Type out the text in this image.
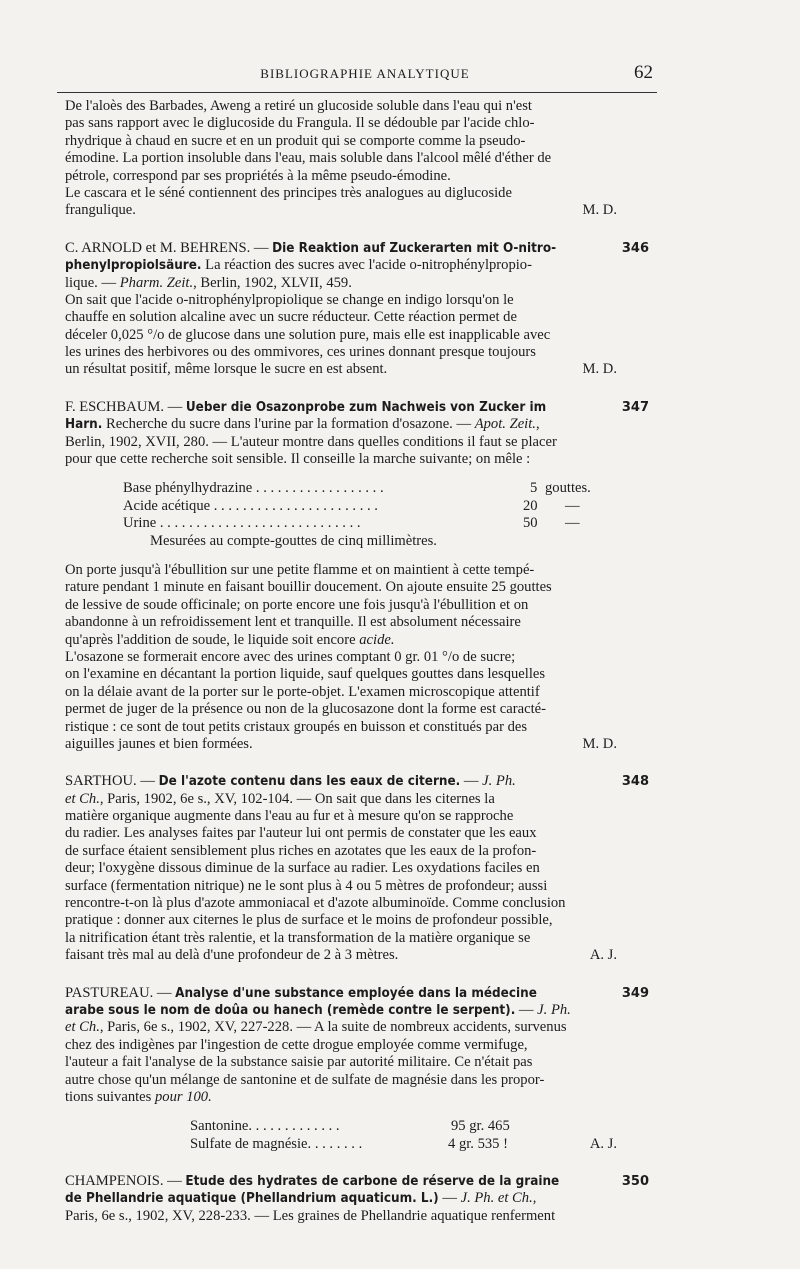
BIBLIOGRAPHIE ANALYTIQUE	62
De l'aloès des Barbades, Aweng a retiré un glucoside soluble dans l'eau qui n'est
pas sans rapport avec le diglucoside du Frangula. Il se dédouble par l'acide chlo-
rhydrique à chaud en sucre et en un produit qui se comporte comme la pseudo-
émodine. La portion insoluble dans l'eau, mais soluble dans l'alcool mêlé d'éther de
pétrole, correspond par ses propriétés à la même pseudo-émodine.
Le cascara et le séné contiennent des principes très analogues au diglucoside
frangulique.	M. D.
C. ARNOLD et M. BEHRENS. — Die Reaktion auf Zuckerarten mit O-nitro-	346
phenylpropiolsäure. La réaction des sucres avec l'acide o-nitrophénylpropio-
lique. — Pharm. Zeit., Berlin, 1902, XLVII, 459.
On sait que l'acide o-nitrophénylpropiolique se change en indigo lorsqu'on le
chauffe en solution alcaline avec un sucre réducteur. Cette réaction permet de
déceler 0,025 °/o de glucose dans une solution pure, mais elle est inapplicable avec
les urines des herbivores ou des ommivores, ces urines donnant presque toujours
un résultat positif, même lorsque le sucre en est absent.	M. D.
F. ESCHBAUM. — Ueber die Osazonprobe zum Nachweis von Zucker im	347
Harn. Recherche du sucre dans l'urine par la formation d'osazone. — Apot. Zeit.,
Berlin, 1902, XVII, 280. — L'auteur montre dans quelles conditions il faut se placer
pour que cette recherche soit sensible. Il conseille la marche suivante; on mêle :
Base phénylhydrazine . . . . . . . . . . . . . . . . . .	5 gouttes.
Acide acétique . . . . . . . . . . . . . . . . . . . . . . .	20 —
Urine . . . . . . . . . . . . . . . . . . . . . . . . . . . .	50 —
Mesurées au compte-gouttes de cinq millimètres.
On porte jusqu'à l'ébullition sur une petite flamme et on maintient à cette tempé-
rature pendant 1 minute en faisant bouillir doucement. On ajoute ensuite 25 gouttes
de lessive de soude officinale; on porte encore une fois jusqu'à l'ébullition et on
abandonne à un refroidissement lent et tranquille. Il est absolument nécessaire
qu'après l'addition de soude, le liquide soit encore acide.
L'osazone se formerait encore avec des urines comptant 0 gr. 01 °/o de sucre;
on l'examine en décantant la portion liquide, sauf quelques gouttes dans lesquelles
on la délaie avant de la porter sur le porte-objet. L'examen microscopique attentif
permet de juger de la présence ou non de la glucosazone dont la forme est caracté-
ristique : ce sont de tout petits cristaux groupés en buisson et constitués par des
aiguilles jaunes et bien formées.	M. D.
SARTHOU. — De l'azote contenu dans les eaux de citerne. — J. Ph.	348
et Ch., Paris, 1902, 6e s., XV, 102-104. — On sait que dans les citernes la
matière organique augmente dans l'eau au fur et à mesure qu'on se rapproche
du radier. Les analyses faites par l'auteur lui ont permis de constater que les eaux
de surface étaient sensiblement plus riches en azotates que les eaux de la profon-
deur; l'oxygène dissous diminue de la surface au radier. Les oxydations faciles en
surface (fermentation nitrique) ne le sont plus à 4 ou 5 mètres de profondeur; aussi
rencontre-t-on là plus d'azote ammoniacal et d'azote albuminoïde. Comme conclusion
pratique : donner aux citernes le plus de surface et le moins de profondeur possible,
la nitrification étant très ralentie, et la transformation de la matière organique se
faisant très mal au delà d'une profondeur de 2 à 3 mètres.	A. J.
PASTUREAU. — Analyse d'une substance employée dans la médecine	349
arabe sous le nom de doûa ou hanech (remède contre le serpent). — J. Ph.
et Ch., Paris, 6e s., 1902, XV, 227-228. — A la suite de nombreux accidents, survenus
chez des indigènes par l'ingestion de cette drogue employée comme vermifuge,
l'auteur a fait l'analyse de la substance saisie par autorité militaire. Ce n'était pas
autre chose qu'un mélange de santonine et de sulfate de magnésie dans les propor-
tions suivantes pour 100.
Santonine. . . . . . . . . . . . .	95 gr. 465
Sulfate de magnésie. . . . . . . .	4 gr. 535 !	A. J.
CHAMPENOIS. — Etude des hydrates de carbone de réserve de la graine	350
de Phellandrie aquatique (Phellandrium aquaticum. L.) — J. Ph. et Ch.,
Paris, 6e s., 1902, XV, 228-233. — Les graines de Phellandrie aquatique renferment
